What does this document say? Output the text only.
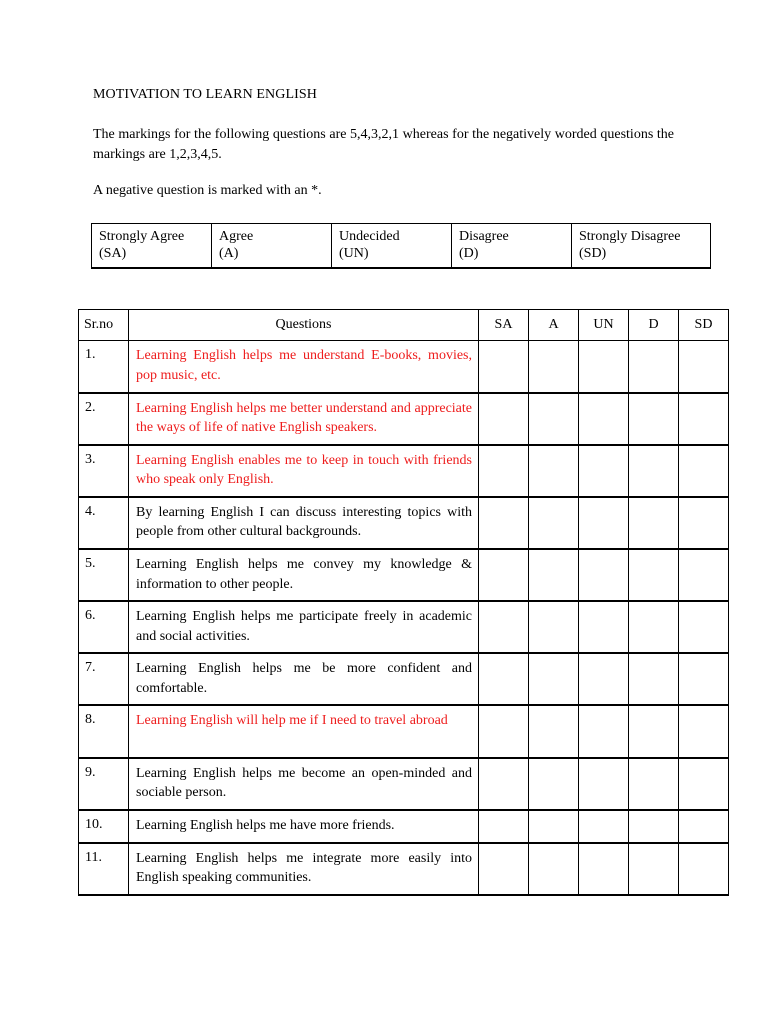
MOTIVATION TO LEARN ENGLISH
The markings for the following questions are 5,4,3,2,1 whereas for the negatively worded questions the markings are 1,2,3,4,5.
A negative question is marked with an *.
Strongly Agree
(SA)

Agree
(A)

Undecided
(UN)

Disagree
(D)

Strongly Disagree
(SD)
Sr.no	Questions	SA	A	UN	D	SD
1.	Learning English helps me understand E-books, movies, pop music, etc.					
2.	Learning English helps me better understand and appreciate the ways of life of native English speakers.					
3.	Learning English enables me to keep in touch with friends who speak only English.					
4.	By learning English I can discuss interesting topics with people from other cultural backgrounds.					
5.	Learning English helps me convey my knowledge & information to other people.					
6.	Learning English helps me participate freely in academic and social activities.					
7.	Learning English helps me be more confident and comfortable.					
8.	Learning English will help me if I need to travel abroad					
9.	Learning English helps me become an open-minded and sociable person.					
10.	Learning English helps me have more friends.					
11.	Learning English helps me integrate more easily into English speaking communities.					
